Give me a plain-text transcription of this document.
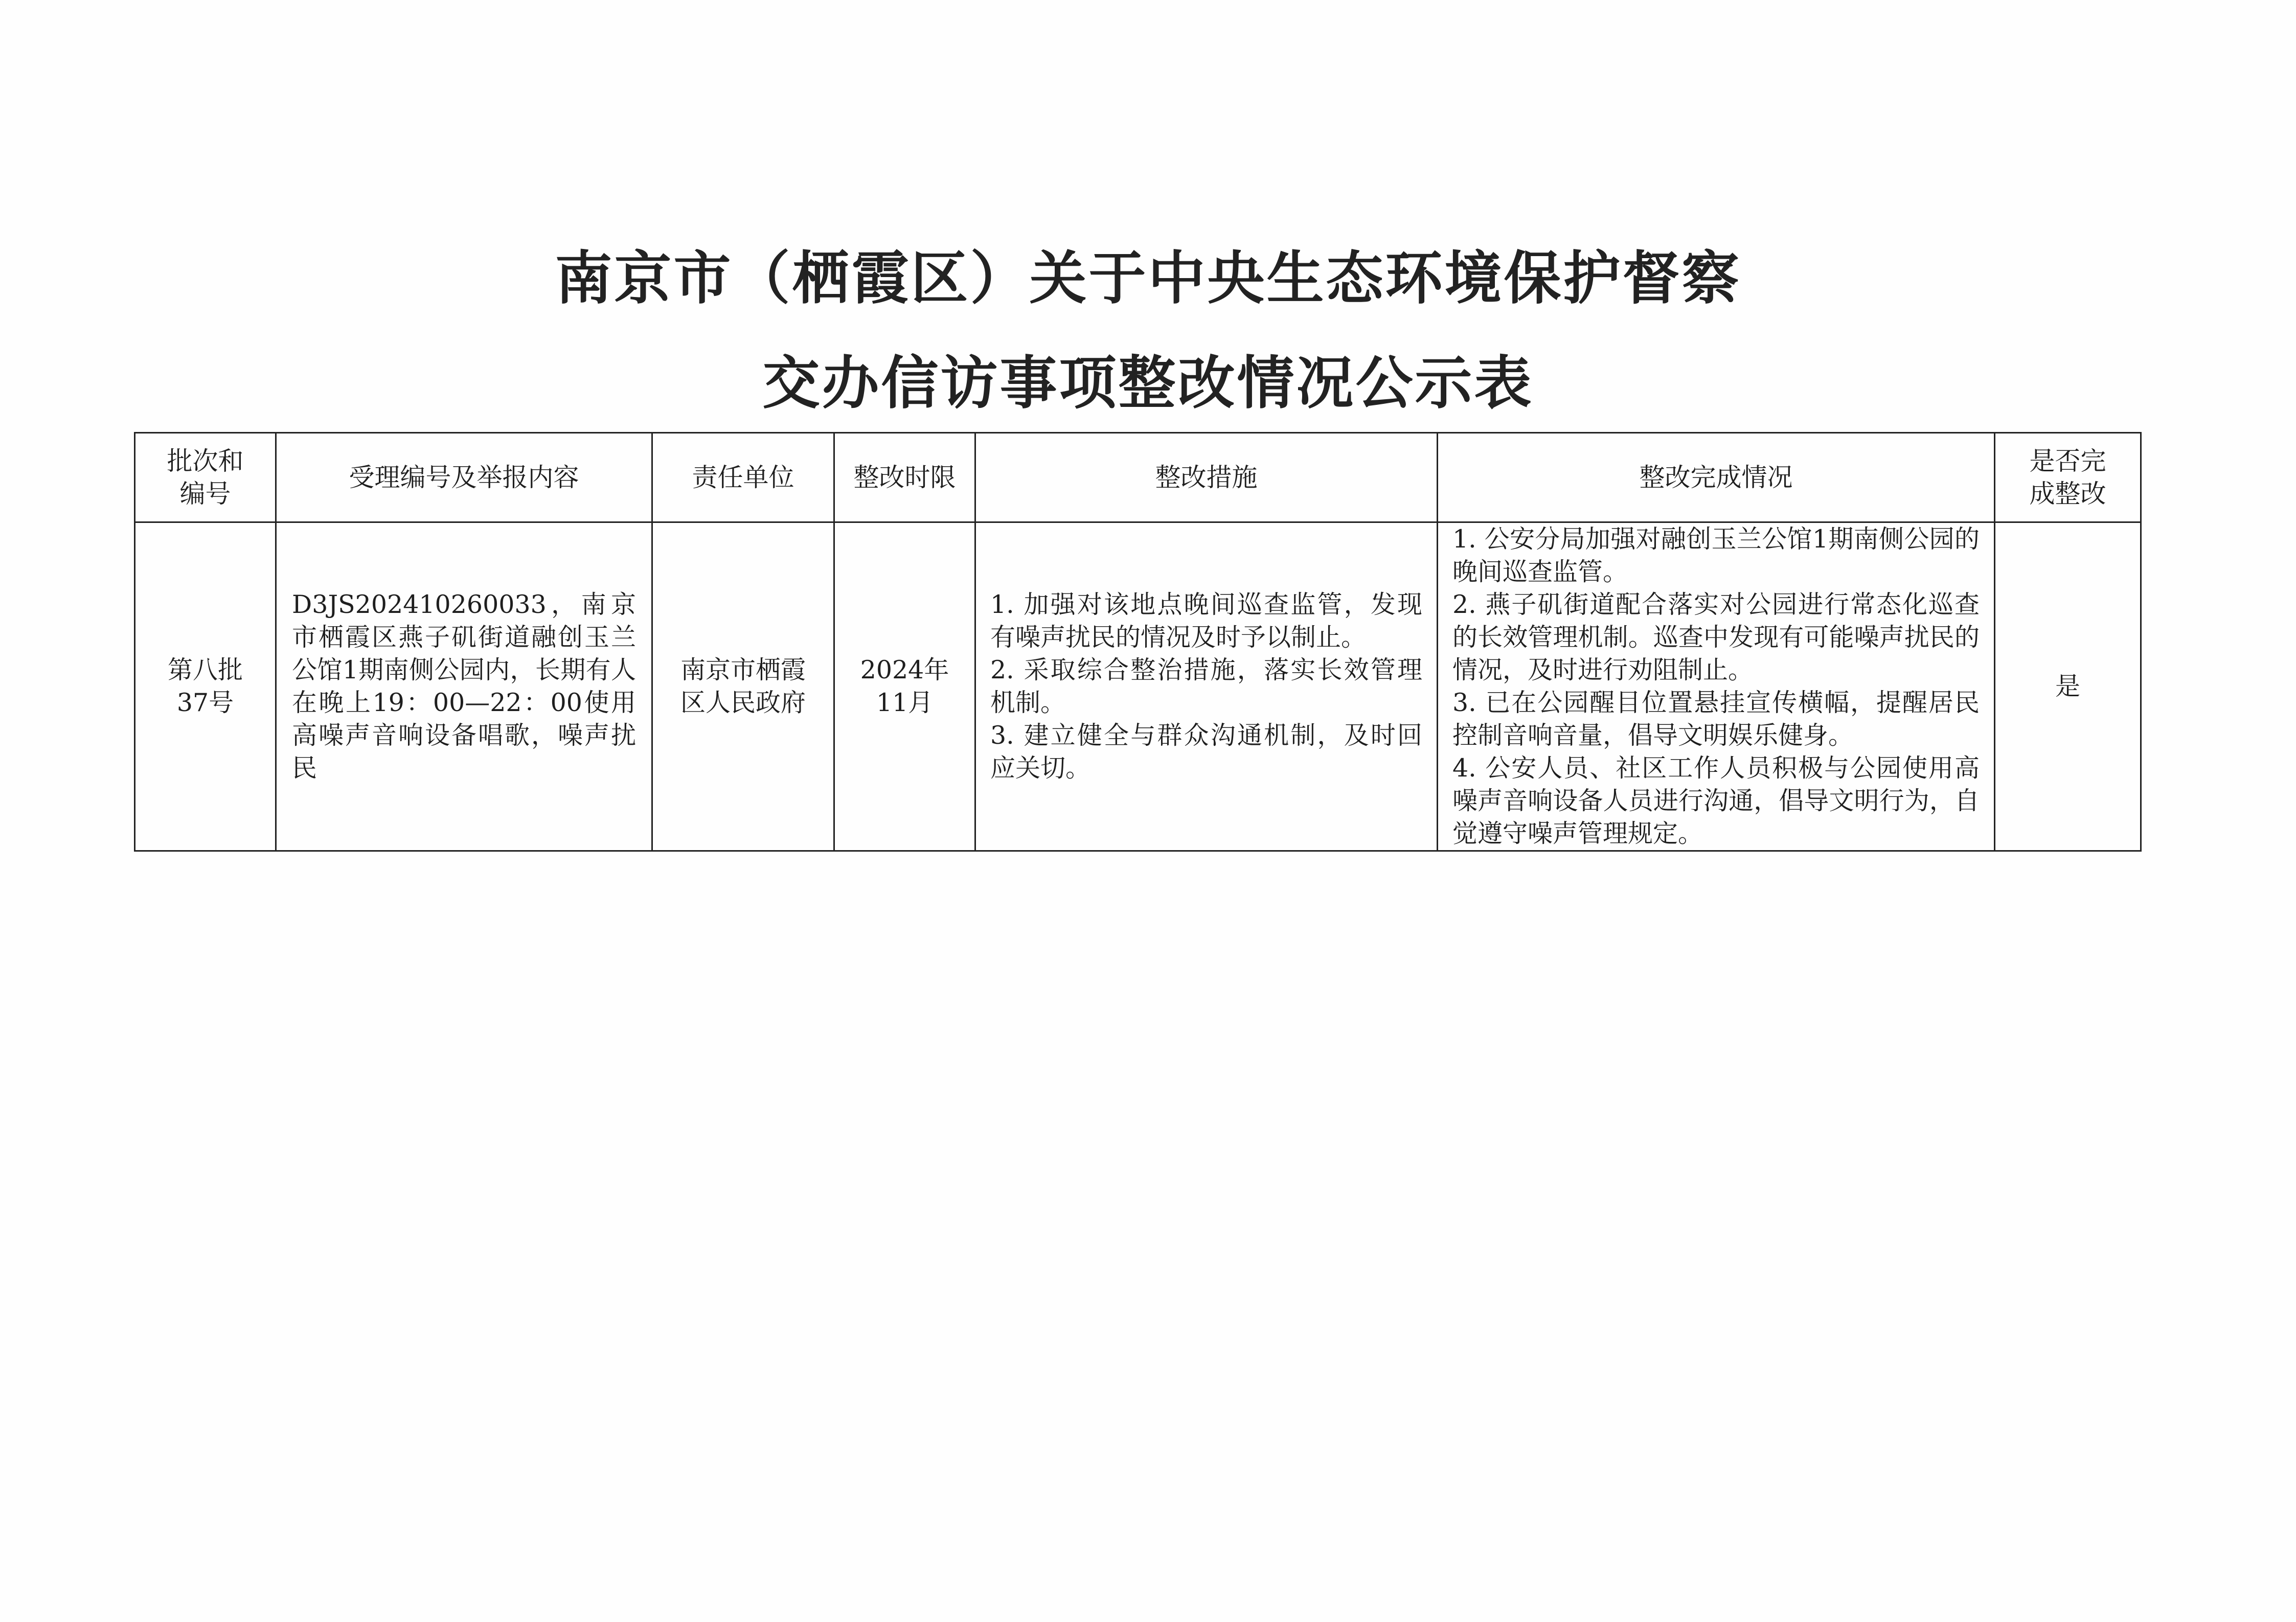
南京市（栖霞区）关于中央生态环境保护督察
交办信访事项整改情况公示表
批次和编号	受理编号及举报内容	责任单位	整改时限	整改措施	整改完成情况	是否完成整改
第八批37号	D3JS202410260033，南京市栖霞区燕子矶街道融创玉兰公馆1期南侧公园内，长期有人在晚上19：00—22：00使用高噪声音响设备唱歌，噪声扰民	南京市栖霞区人民政府	2024年11月	1. 加强对该地点晚间巡查监管，发现有噪声扰民的情况及时予以制止。
2. 采取综合整治措施，落实长效管理机制。
3. 建立健全与群众沟通机制，及时回应关切。	1. 公安分局加强对融创玉兰公馆1期南侧公园的晚间巡查监管。
2. 燕子矶街道配合落实对公园进行常态化巡查的长效管理机制。巡查中发现有可能噪声扰民的情况，及时进行劝阻制止。
3. 已在公园醒目位置悬挂宣传横幅，提醒居民控制音响音量，倡导文明娱乐健身。
4. 公安人员、社区工作人员积极与公园使用高噪声音响设备人员进行沟通，倡导文明行为，自觉遵守噪声管理规定。	是
